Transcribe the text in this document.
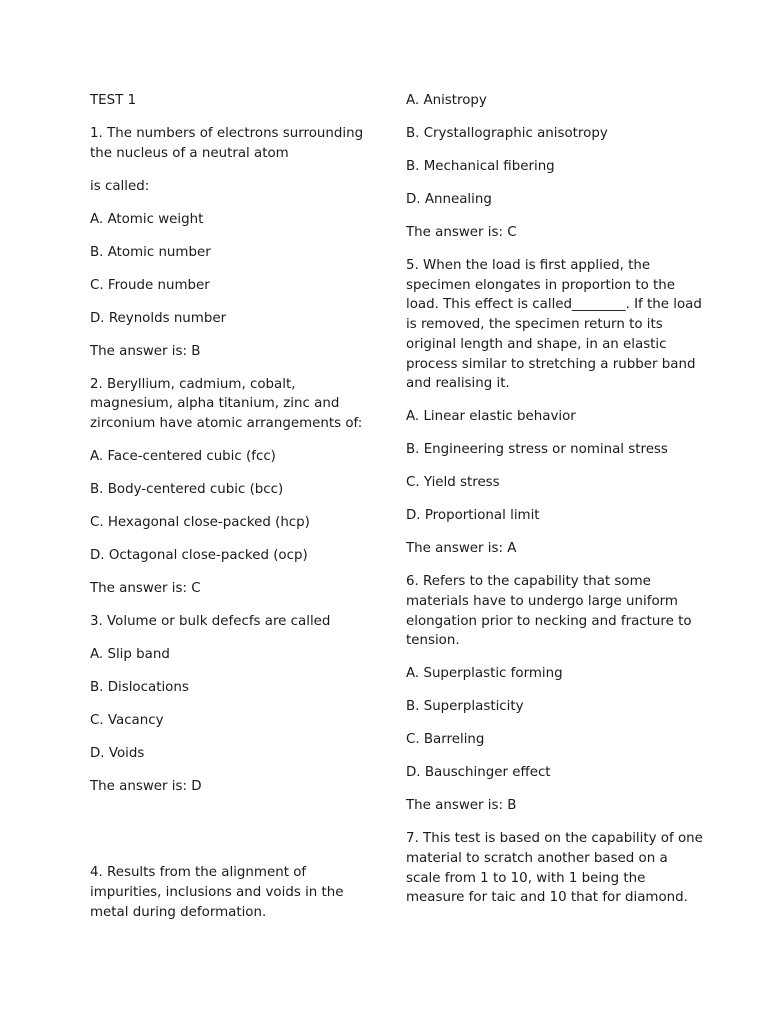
TEST 1

1. The numbers of electrons surrounding the nucleus of a neutral atom

is called:

A. Atomic weight

B. Atomic number

C. Froude number

D. Reynolds number

The answer is: B

2. Beryllium, cadmium, cobalt, magnesium, alpha titanium, zinc and zirconium have atomic arrangements of:

A. Face-centered cubic (fcc)

B. Body-centered cubic (bcc)

C. Hexagonal close-packed (hcp)

D. Octagonal close-packed (ocp)

The answer is: C

3. Volume or bulk defecfs are called

A. Slip band

B. Dislocations

C. Vacancy

D. Voids

The answer is: D

4. Results from the alignment of impurities, inclusions and voids in the metal during deformation.

A. Anistropy

B. Crystallographic anisotropy

B. Mechanical fibering

D. Annealing

The answer is: C

5. When the load is first applied, the specimen elongates in proportion to the load. This effect is called________. If the load is removed, the specimen return to its original length and shape, in an elastic process similar to stretching a rubber band and realising it.

A. Linear elastic behavior

B. Engineering stress or nominal stress

C. Yield stress

D. Proportional limit

The answer is: A

6. Refers to the capability that some materials have to undergo large uniform elongation prior to necking and fracture to tension.

A. Superplastic forming

B. Superplasticity

C. Barreling

D. Bauschinger effect

The answer is: B

7. This test is based on the capability of one material to scratch another based on a scale from 1 to 10, with 1 being the measure for taic and 10 that for diamond.
